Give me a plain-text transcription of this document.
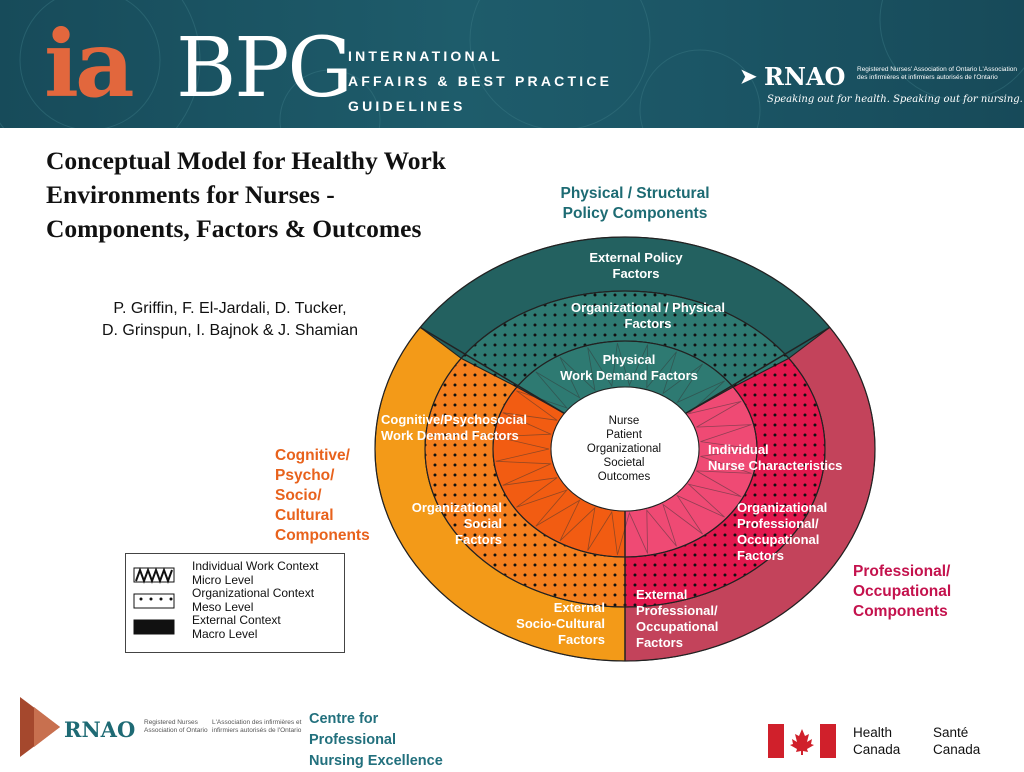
ia BPG
INTERNATIONAL
AFFAIRS & BEST PRACTICE
GUIDELINES
➤ RNAO Registered Nurses' Association of Ontario L'Association des infirmières et infirmiers autorisés de l'Ontario
Speaking out for health. Speaking out for nursing.
Conceptual Model for Healthy Work Environments for Nurses - Components, Factors & Outcomes
P. Griffin, F. El-Jardali, D. Tucker,
D. Grinspun, I. Bajnok & J. Shamian
Physical / Structural
Policy Components
Cognitive/
Psycho/
Socio/
Cultural
Components
Professional/
Occupational
Components
External Policy
Factors
Organizational / Physical
Factors
Physical
Work Demand Factors
Cognitive/Psychosocial
Work Demand Factors
Individual
Nurse Characteristics
Organizational
Social
Factors
Organizational
Professional/
Occupational
Factors
External
Socio-Cultural
Factors
External
Professional/
Occupational
Factors
Nurse
Patient
Organizational
Societal
Outcomes
Individual Work Context
Micro Level
Organizational Context
Meso Level
External Context
Macro Level
RNAO Registered Nurses Association of Ontario
L'Association des infirmières et infirmiers autorisés de l'Ontario
Centre for Professional
Nursing Excellence
Health
Canada
Santé
Canada
